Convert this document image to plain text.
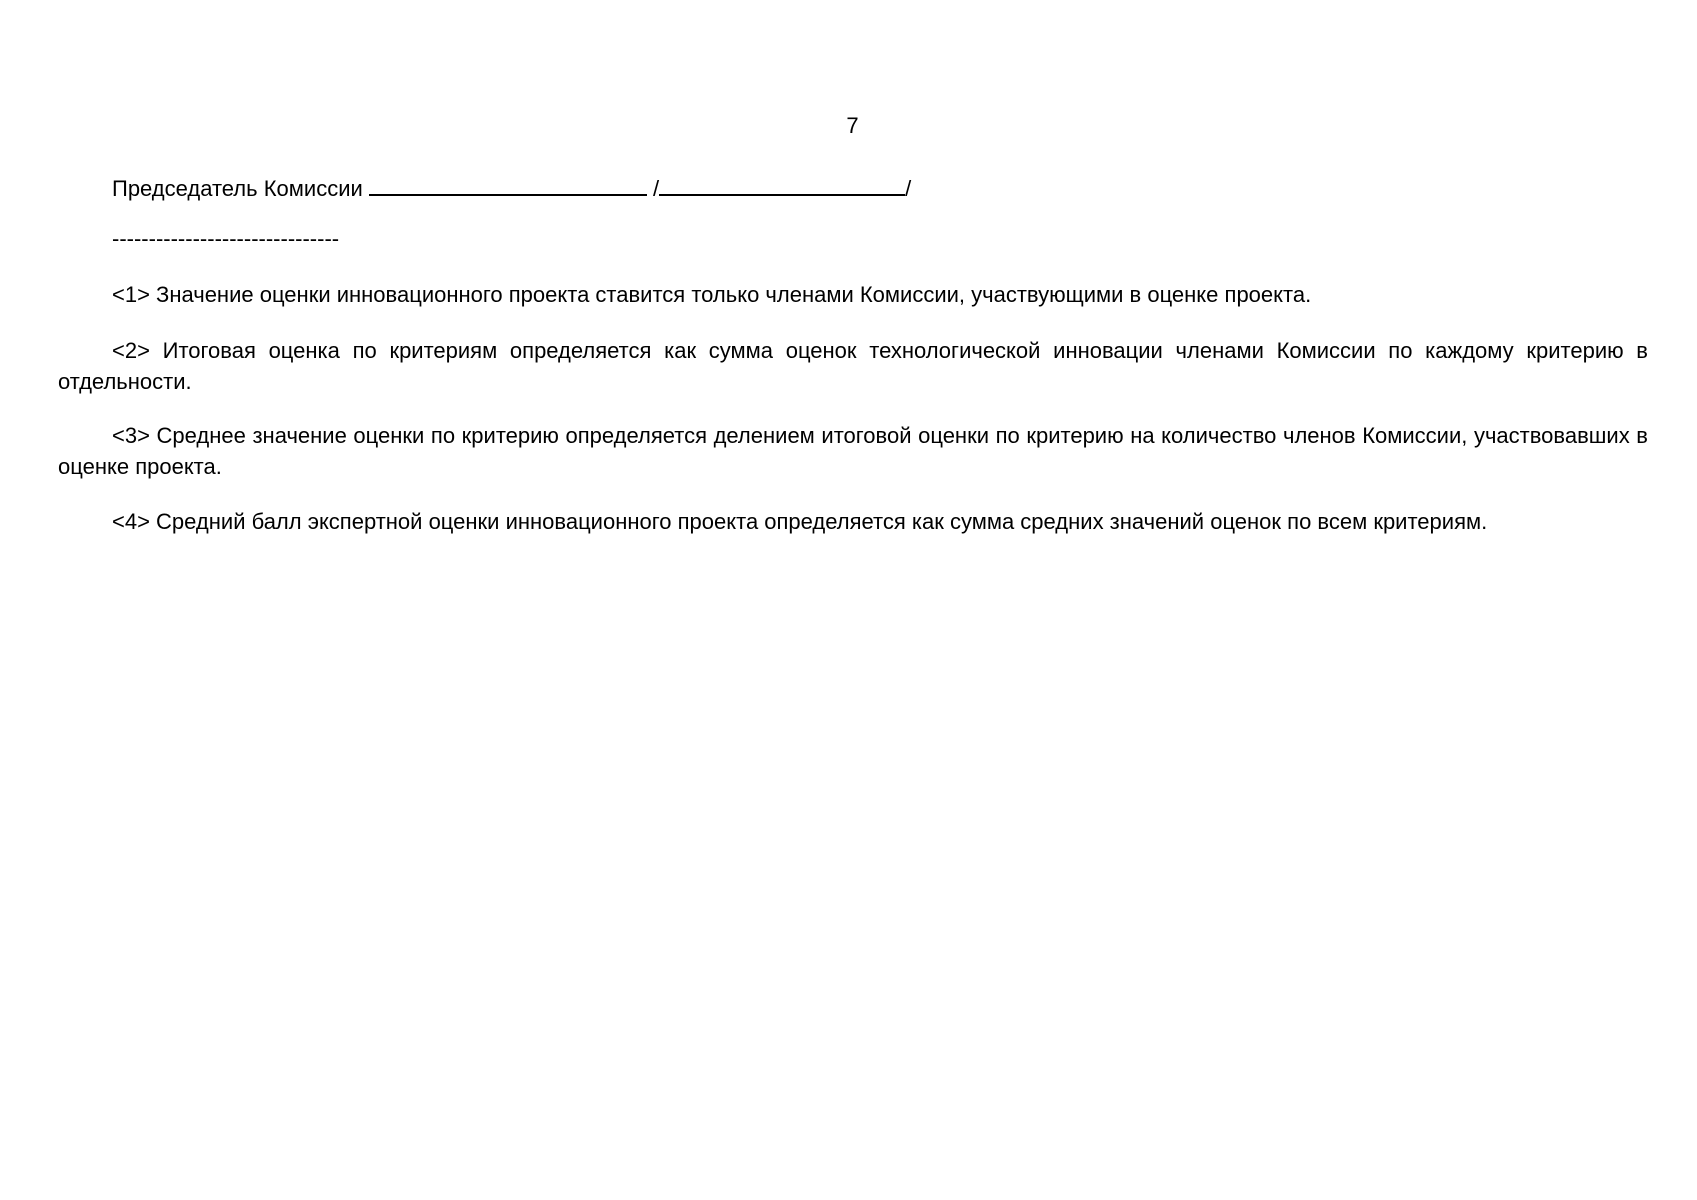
7
Председатель Комиссии	/	/
-------------------------------

<1> Значение оценки инновационного проекта ставится только членами Комиссии, участвующими в оценке проекта.

<2> Итоговая оценка по критериям определяется как сумма оценок технологической инновации членами Комиссии по каждому критерию в отдельности.

<3> Среднее значение оценки по критерию определяется делением итоговой оценки по критерию на количество членов Комиссии, участвовавших в оценке проекта.

<4> Средний балл экспертной оценки инновационного проекта определяется как сумма средних значений оценок по всем критериям.
